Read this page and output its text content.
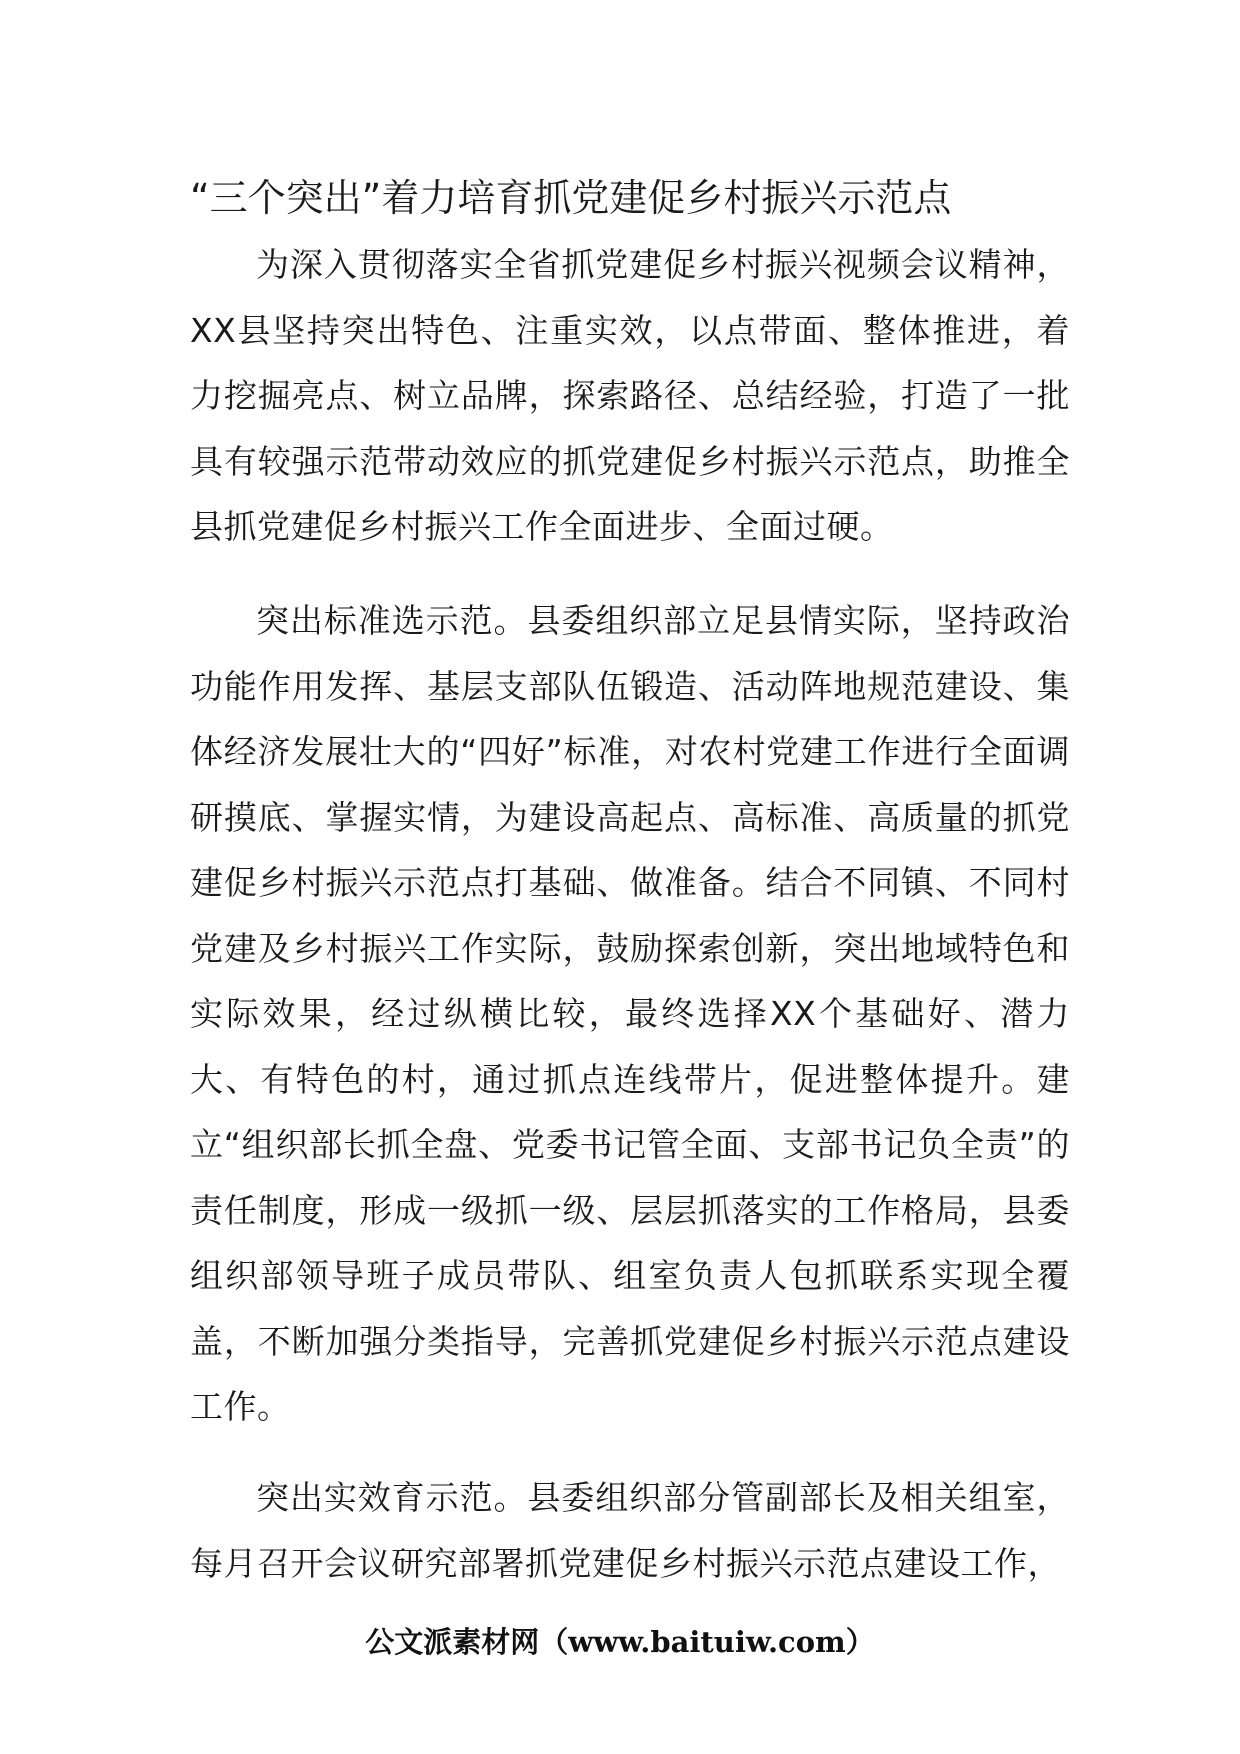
“三个突出”着力培育抓党建促乡村振兴示范点

为深入贯彻落实全省抓党建促乡村振兴视频会议精神，XX县坚持突出特色、注重实效，以点带面、整体推进，着力挖掘亮点、树立品牌，探索路径、总结经验，打造了一批具有较强示范带动效应的抓党建促乡村振兴示范点，助推全县抓党建促乡村振兴工作全面进步、全面过硬。

突出标准选示范。县委组织部立足县情实际，坚持政治功能作用发挥、基层支部队伍锻造、活动阵地规范建设、集体经济发展壮大的“四好”标准，对农村党建工作进行全面调研摸底、掌握实情，为建设高起点、高标准、高质量的抓党建促乡村振兴示范点打基础、做准备。结合不同镇、不同村党建及乡村振兴工作实际，鼓励探索创新，突出地域特色和实际效果，经过纵横比较，最终选择XX个基础好、潜力大、有特色的村，通过抓点连线带片，促进整体提升。建立“组织部长抓全盘、党委书记管全面、支部书记负全责”的责任制度，形成一级抓一级、层层抓落实的工作格局，县委组织部领导班子成员带队、组室负责人包抓联系实现全覆盖，不断加强分类指导，完善抓党建促乡村振兴示范点建设工作。

突出实效育示范。县委组织部分管副部长及相关组室，每月召开会议研究部署抓党建促乡村振兴示范点建设工作，

公文派素材网（www.baituiw.com）
